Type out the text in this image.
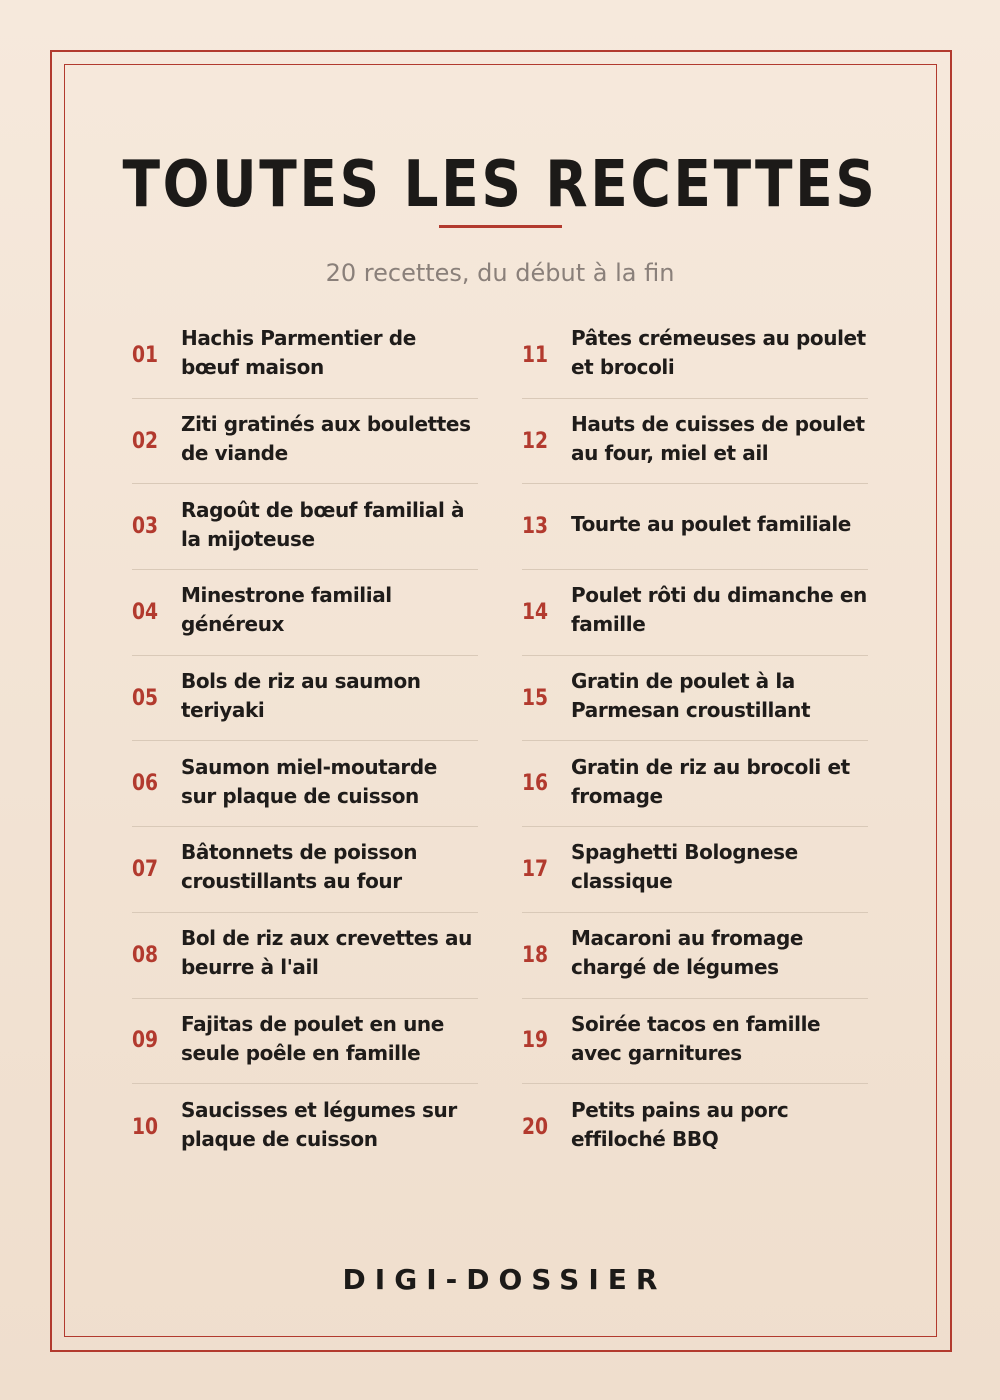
TOUTES LES RECETTES
20 recettes, du début à la fin
01
Hachis Parmentier de bœuf maison
02
Ziti gratinés aux boulettes de viande
03
Ragoût de bœuf familial à la mijoteuse
04
Minestrone familial généreux
05
Bols de riz au saumon teriyaki
06
Saumon miel-moutarde sur plaque de cuisson
07
Bâtonnets de poisson croustillants au four
08
Bol de riz aux crevettes au beurre à l'ail
09
Fajitas de poulet en une seule poêle en famille
10
Saucisses et légumes sur plaque de cuisson
11
Pâtes crémeuses au poulet et brocoli
12
Hauts de cuisses de poulet au four, miel et ail
13	Tourte au poulet familiale
14
Poulet rôti du dimanche en famille
15
Gratin de poulet à la Parmesan croustillant
16
Gratin de riz au brocoli et fromage
17
Spaghetti Bolognese classique
18
Macaroni au fromage chargé de légumes
19
Soirée tacos en famille avec garnitures
20
Petits pains au porc effiloché BBQ
DIGI-DOSSIER
